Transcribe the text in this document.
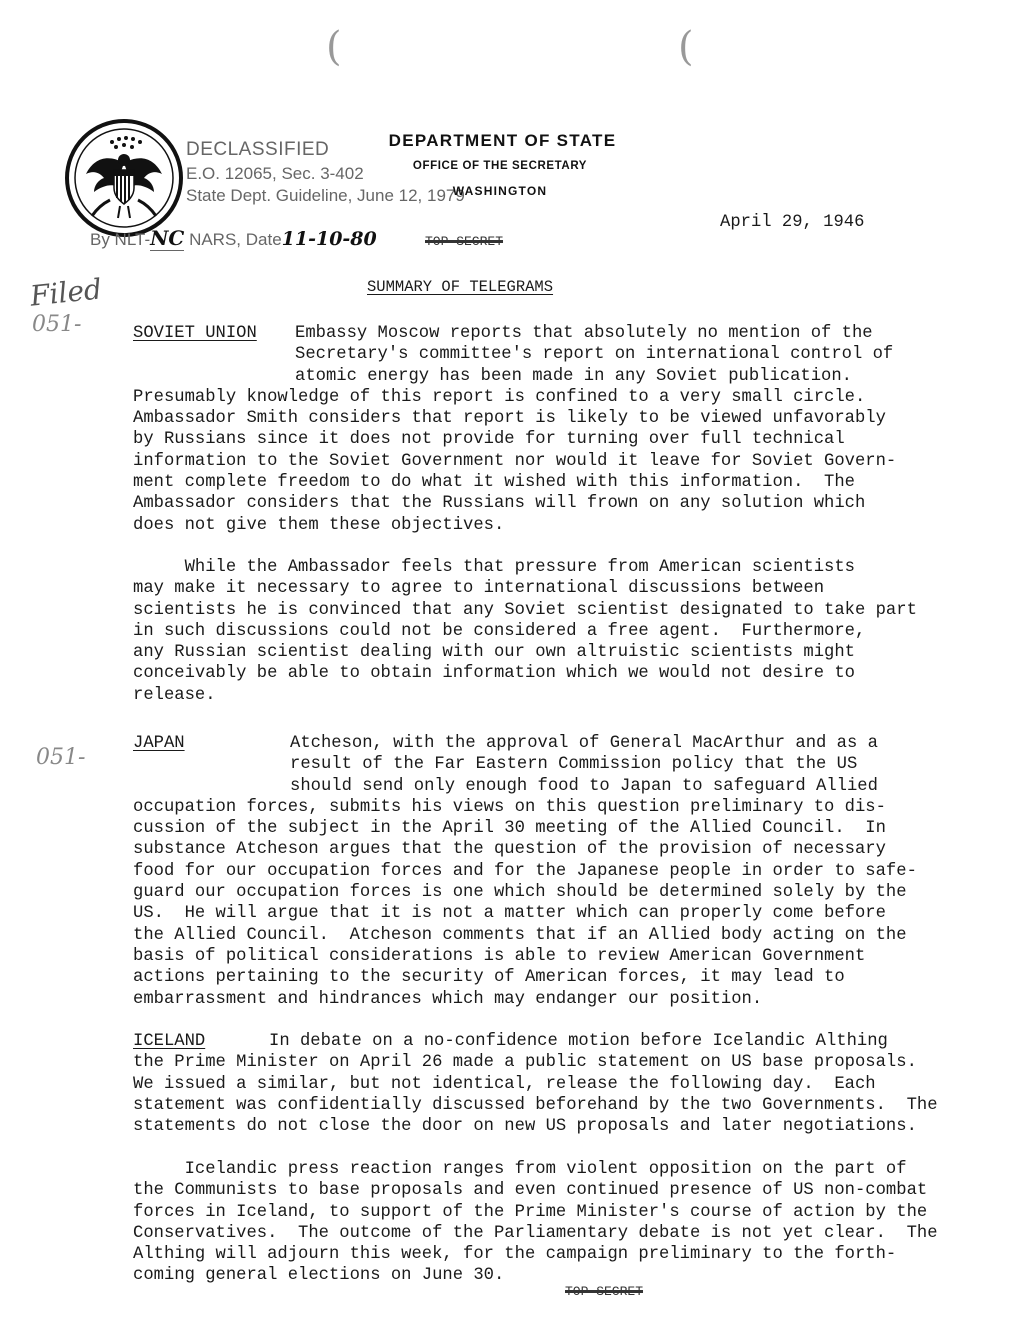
(	(
DECLASSIFIED
E.O. 12065, Sec. 3-402
State Dept. Guideline, June 12, 1979
By NLT-NC NARS, Date11-10-80
DEPARTMENT OF STATE
OFFICE OF THE SECRETARY
WASHINGTON
April 29, 1946
TOP SECRET
SUMMARY OF TELEGRAMS
Filed
051-
051-
SOVIET UNION Embassy Moscow reports that absolutely no mention of the
Secretary's committee's report on international control of
atomic energy has been made in any Soviet publication.
Presumably knowledge of this report is confined to a very small circle.
Ambassador Smith considers that report is likely to be viewed unfavorably
by Russians since it does not provide for turning over full technical
information to the Soviet Government nor would it leave for Soviet Govern-
ment complete freedom to do what it wished with this information.  The
Ambassador considers that the Russians will frown on any solution which
does not give them these objectives.
While the Ambassador feels that pressure from American scientists
may make it necessary to agree to international discussions between
scientists he is convinced that any Soviet scientist designated to take part
in such discussions could not be considered a free agent.  Furthermore,
any Russian scientist dealing with our own altruistic scientists might
conceivably be able to obtain information which we would not desire to
release.
JAPAN	Atcheson, with the approval of General MacArthur and as a
result of the Far Eastern Commission policy that the US
should send only enough food to Japan to safeguard Allied
occupation forces, submits his views on this question preliminary to dis-
cussion of the subject in the April 30 meeting of the Allied Council.  In
substance Atcheson argues that the question of the provision of necessary
food for our occupation forces and for the Japanese people in order to safe-
guard our occupation forces is one which should be determined solely by the
US.  He will argue that it is not a matter which can properly come before
the Allied Council.  Atcheson comments that if an Allied body acting on the
basis of political considerations is able to review American Government
actions pertaining to the security of American forces, it may lead to
embarrassment and hindrances which may endanger our position.
ICELAND	In debate on a no-confidence motion before Icelandic Althing
the Prime Minister on April 26 made a public statement on US base proposals.
We issued a similar, but not identical, release the following day.  Each
statement was confidentially discussed beforehand by the two Governments.  The
statements do not close the door on new US proposals and later negotiations.
Icelandic press reaction ranges from violent opposition on the part of
the Communists to base proposals and even continued presence of US non-combat
forces in Iceland, to support of the Prime Minister's course of action by the
Conservatives.  The outcome of the Parliamentary debate is not yet clear.  The
Althing will adjourn this week, for the campaign preliminary to the forth-
coming general elections on June 30.
TOP SECRET
